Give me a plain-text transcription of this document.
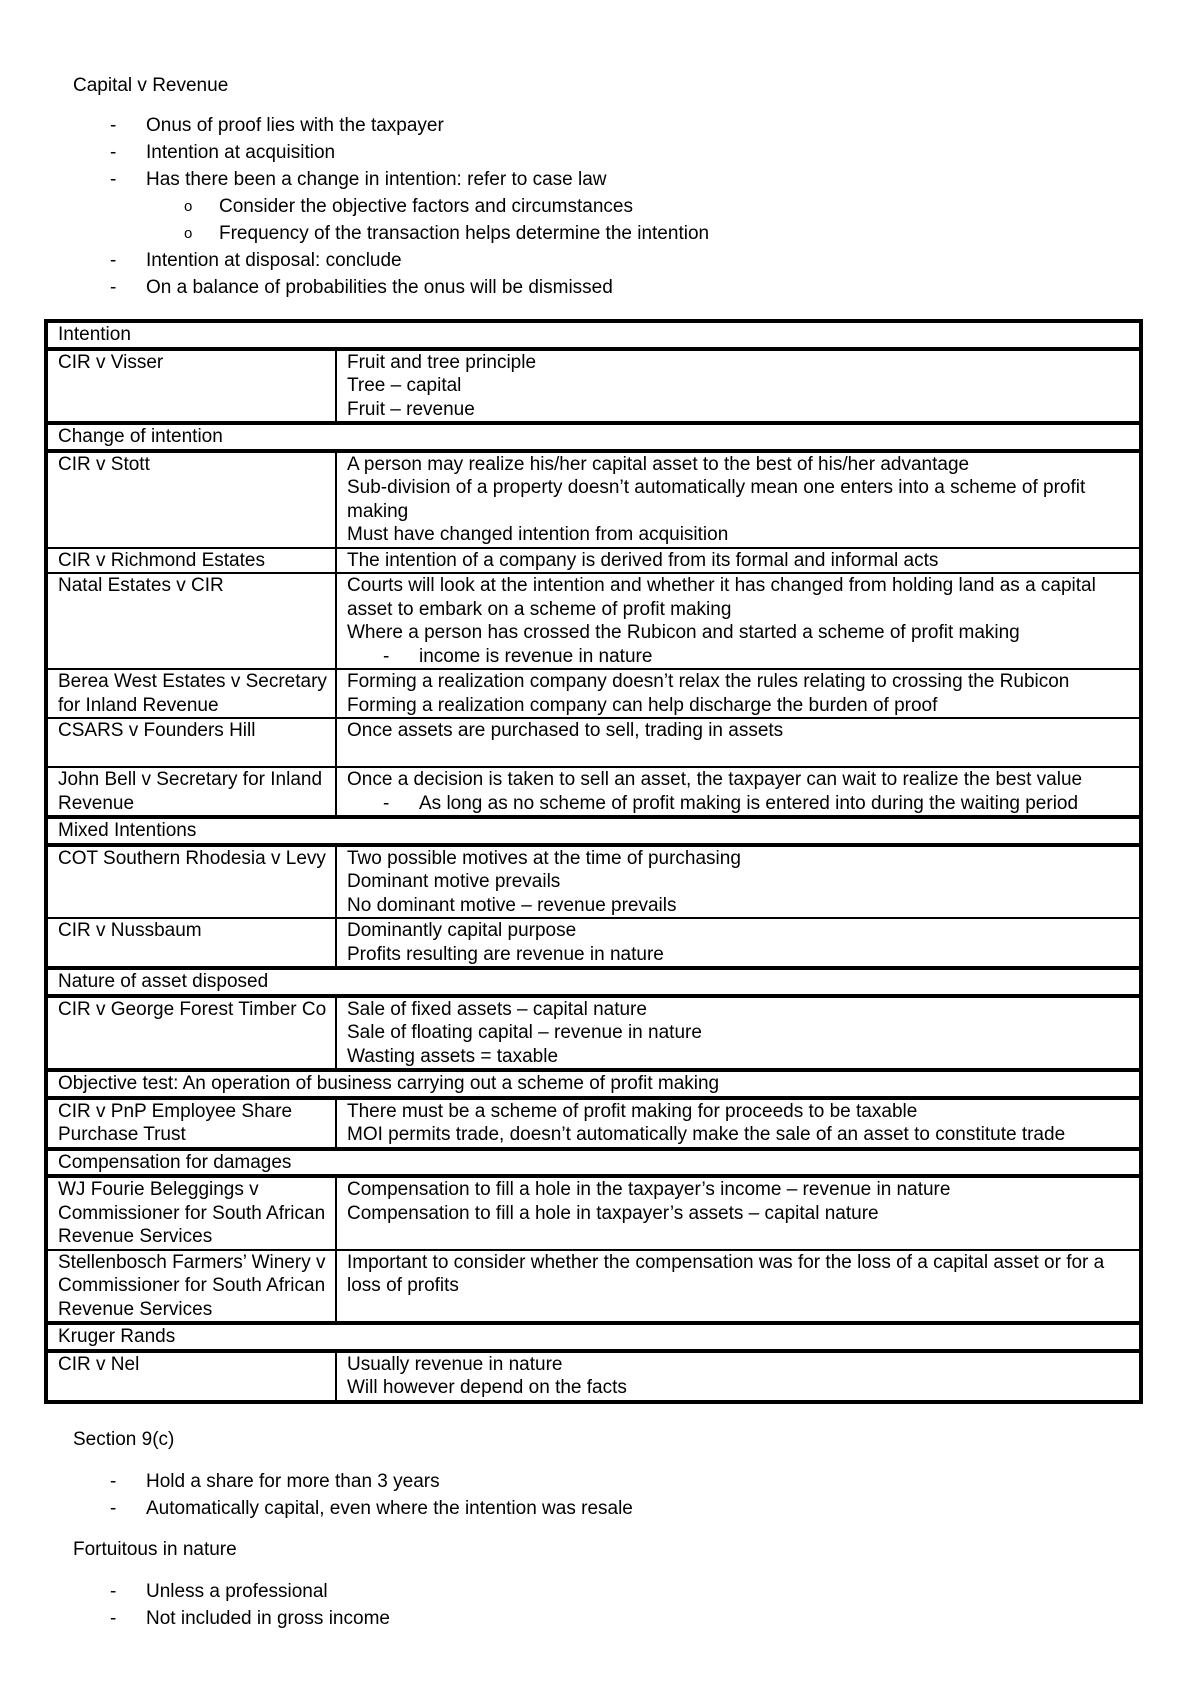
Capital v Revenue
- Onus of proof lies with the taxpayer
- Intention at acquisition
- Has there been a change in intention: refer to case law
o Consider the objective factors and circumstances
o Frequency of the transaction helps determine the intention
- Intention at disposal: conclude
- On a balance of probabilities the onus will be dismissed
Intention	
CIR v Visser	Fruit and tree principle
Tree – capital
Fruit – revenue

Change of intention	
CIR v Stott	A person may realize his/her capital asset to the best of his/her advantage
Sub-division of a property doesn’t automatically mean one enters into a scheme of profit making
Must have changed intention from acquisition

CIR v Richmond Estates	The intention of a company is derived from its formal and informal acts

Natal Estates v CIR	Courts will look at the intention and whether it has changed from holding land as a capital asset to embark on a scheme of profit making
Where a person has crossed the Rubicon and started a scheme of profit making
- income is revenue in nature

Berea West Estates v Secretary for Inland Revenue	Forming a realization company doesn’t relax the rules relating to crossing the Rubicon
Forming a realization company can help discharge the burden of proof

CSARS v Founders Hill	Once assets are purchased to sell, trading in assets

John Bell v Secretary for Inland Revenue	Once a decision is taken to sell an asset, the taxpayer can wait to realize the best value
- As long as no scheme of profit making is entered into during the waiting period

Mixed Intentions	
COT Southern Rhodesia v Levy	Two possible motives at the time of purchasing
Dominant motive prevails
No dominant motive – revenue prevails

CIR v Nussbaum	Dominantly capital purpose
Profits resulting are revenue in nature

Nature of asset disposed	
CIR v George Forest Timber Co	Sale of fixed assets – capital nature
Sale of floating capital – revenue in nature
Wasting assets = taxable

Objective test: An operation of business carrying out a scheme of profit making	
CIR v PnP Employee Share Purchase Trust	There must be a scheme of profit making for proceeds to be taxable
MOI permits trade, doesn’t automatically make the sale of an asset to constitute trade

Compensation for damages	
WJ Fourie Beleggings v Commissioner for South African Revenue Services	Compensation to fill a hole in the taxpayer’s income – revenue in nature
Compensation to fill a hole in taxpayer’s assets – capital nature

Stellenbosch Farmers’ Winery v Commissioner for South African Revenue Services	Important to consider whether the compensation was for the loss of a capital asset or for a loss of profits

Kruger Rands	
CIR v Nel	Usually revenue in nature
Will however depend on the facts
Section 9(c)
- Hold a share for more than 3 years
- Automatically capital, even where the intention was resale
Fortuitous in nature
- Unless a professional
- Not included in gross income
